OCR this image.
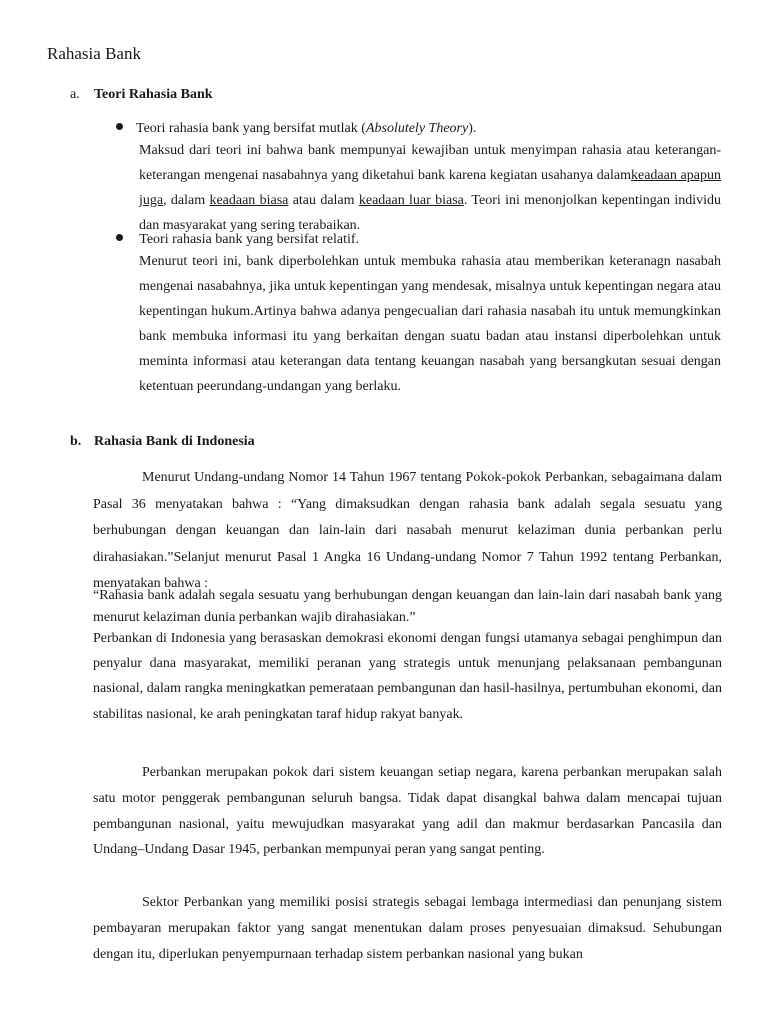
Rahasia Bank
a. Teori Rahasia Bank
Teori rahasia bank yang bersifat mutlak (Absolutely Theory).

Maksud dari teori ini bahwa bank mempunyai kewajiban untuk menyimpan rahasia atau keterangan-keterangan mengenai nasabahnya yang diketahui bank karena kegiatan usahanya dalamkeadaan apapun juga, dalam keadaan biasa atau dalam keadaan luar biasa. Teori ini menonjolkan kepentingan individu dan masyarakat yang sering terabaikan.

Teori rahasia bank yang bersifat relatif.

Menurut teori ini, bank diperbolehkan untuk membuka rahasia atau memberikan keteranagn nasabah mengenai nasabahnya, jika untuk kepentingan yang mendesak, misalnya untuk kepentingan negara atau kepentingan hukum.Artinya bahwa adanya pengecualian dari rahasia nasabah itu untuk memungkinkan bank membuka informasi itu yang berkaitan dengan suatu badan atau instansi diperbolehkan untuk meminta informasi atau keterangan data tentang keuangan nasabah yang bersangkutan sesuai dengan ketentuan peerundang-undangan yang berlaku.

b. Rahasia Bank di Indonesia

Menurut Undang-undang Nomor 14 Tahun 1967 tentang Pokok-pokok Perbankan, sebagaimana dalam Pasal 36 menyatakan bahwa : “Yang dimaksudkan dengan rahasia bank adalah segala sesuatu yang berhubungan dengan keuangan dan lain-lain dari nasabah menurut kelaziman dunia perbankan perlu dirahasiakan.”Selanjut menurut Pasal 1 Angka 16 Undang-undang Nomor 7 Tahun 1992 tentang Perbankan, menyatakan bahwa :

“Rahasia bank adalah segala sesuatu yang berhubungan dengan keuangan dan lain-lain dari nasabah bank yang menurut kelaziman dunia perbankan wajib dirahasiakan.”

Perbankan di Indonesia yang berasaskan demokrasi ekonomi dengan fungsi utamanya sebagai penghimpun dan penyalur dana masyarakat, memiliki peranan yang strategis untuk menunjang pelaksanaan pembangunan nasional, dalam rangka meningkatkan pemerataan pembangunan dan hasil-hasilnya, pertumbuhan ekonomi, dan stabilitas nasional, ke arah peningkatan taraf hidup rakyat banyak.

Perbankan merupakan pokok dari sistem keuangan setiap negara, karena perbankan merupakan salah satu motor penggerak pembangunan seluruh bangsa. Tidak dapat disangkal bahwa dalam mencapai tujuan pembangunan nasional, yaitu mewujudkan masyarakat yang adil dan makmur berdasarkan Pancasila dan Undang–Undang Dasar 1945, perbankan mempunyai peran yang sangat penting.

Sektor Perbankan yang memiliki posisi strategis sebagai lembaga intermediasi dan penunjang sistem pembayaran merupakan faktor yang sangat menentukan dalam proses penyesuaian dimaksud. Sehubungan dengan itu, diperlukan penyempurnaan terhadap sistem perbankan nasional yang bukan
